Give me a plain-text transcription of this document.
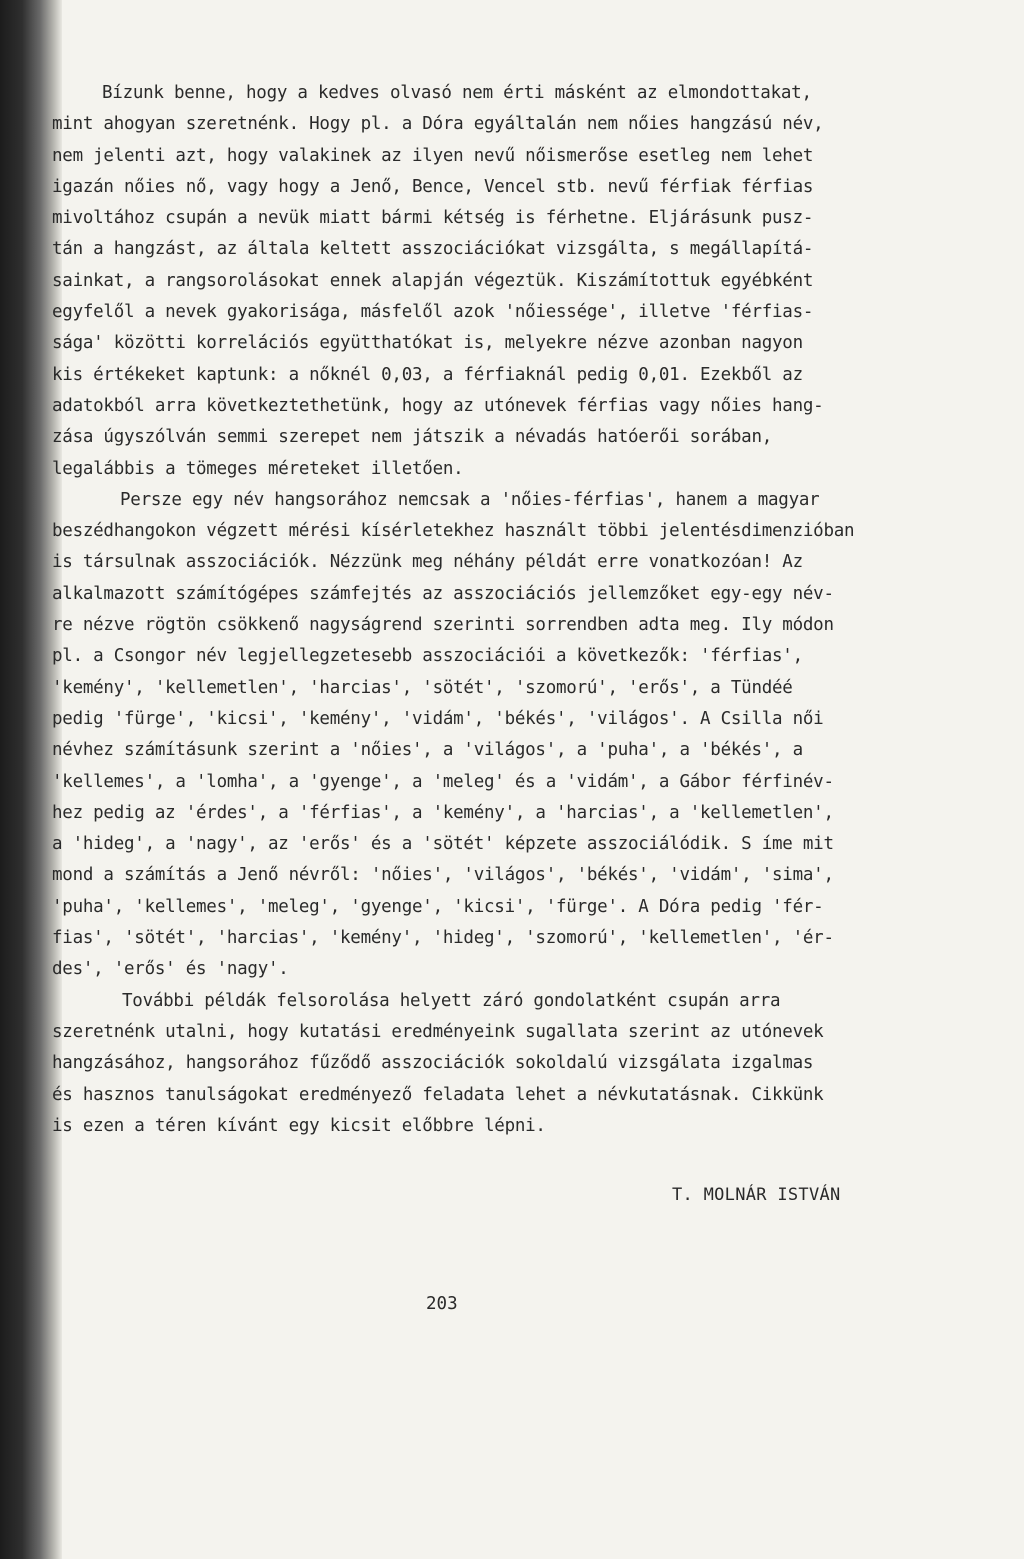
Bízunk benne, hogy a kedves olvasó nem érti másként az elmondottakat,
mint ahogyan szeretnénk. Hogy pl. a Dóra egyáltalán nem nőies hangzású név,
nem jelenti azt, hogy valakinek az ilyen nevű nőismerőse esetleg nem lehet
igazán nőies nő, vagy hogy a Jenő, Bence, Vencel stb. nevű férfiak férfias
mivoltához csupán a nevük miatt bármi kétség is férhetne. Eljárásunk pusz-
tán a hangzást, az általa keltett asszociációkat vizsgálta, s megállapítá-
sainkat, a rangsorolásokat ennek alapján végeztük. Kiszámítottuk egyébként
egyfelől a nevek gyakorisága, másfelől azok 'nőiessége', illetve 'férfias-
sága' közötti korrelációs együtthatókat is, melyekre nézve azonban nagyon
kis értékeket kaptunk: a nőknél 0,03, a férfiaknál pedig 0,01. Ezekből az
adatokból arra következtethetünk, hogy az utónevek férfias vagy nőies hang-
zása úgyszólván semmi szerepet nem játszik a névadás hatóerői sorában,
legalábbis a tömeges méreteket illetően.
Persze egy név hangsorához nemcsak a 'nőies-férfias', hanem a magyar
beszédhangokon végzett mérési kísérletekhez használt többi jelentésdimenzióban
is társulnak asszociációk. Nézzünk meg néhány példát erre vonatkozóan! Az
alkalmazott számítógépes számfejtés az asszociációs jellemzőket egy-egy név-
re nézve rögtön csökkenő nagyságrend szerinti sorrendben adta meg. Ily módon
pl. a Csongor név legjellegzetesebb asszociációi a következők: 'férfias',
'kemény', 'kellemetlen', 'harcias', 'sötét', 'szomorú', 'erős', a Tündéé
pedig 'fürge', 'kicsi', 'kemény', 'vidám', 'békés', 'világos'. A Csilla női
névhez számításunk szerint a 'nőies', a 'világos', a 'puha', a 'békés', a
'kellemes', a 'lomha', a 'gyenge', a 'meleg' és a 'vidám', a Gábor férfinév-
hez pedig az 'érdes', a 'férfias', a 'kemény', a 'harcias', a 'kellemetlen',
a 'hideg', a 'nagy', az 'erős' és a 'sötét' képzete asszociálódik. S íme mit
mond a számítás a Jenő névről: 'nőies', 'világos', 'békés', 'vidám', 'sima',
'puha', 'kellemes', 'meleg', 'gyenge', 'kicsi', 'fürge'. A Dóra pedig 'fér-
fias', 'sötét', 'harcias', 'kemény', 'hideg', 'szomorú', 'kellemetlen', 'ér-
des', 'erős' és 'nagy'.
További példák felsorolása helyett záró gondolatként csupán arra
szeretnénk utalni, hogy kutatási eredményeink sugallata szerint az utónevek
hangzásához, hangsorához fűződő asszociációk sokoldalú vizsgálata izgalmas
és hasznos tanulságokat eredményező feladata lehet a névkutatásnak. Cikkünk
is ezen a téren kívánt egy kicsit előbbre lépni.
T. MOLNÁR ISTVÁN
203
